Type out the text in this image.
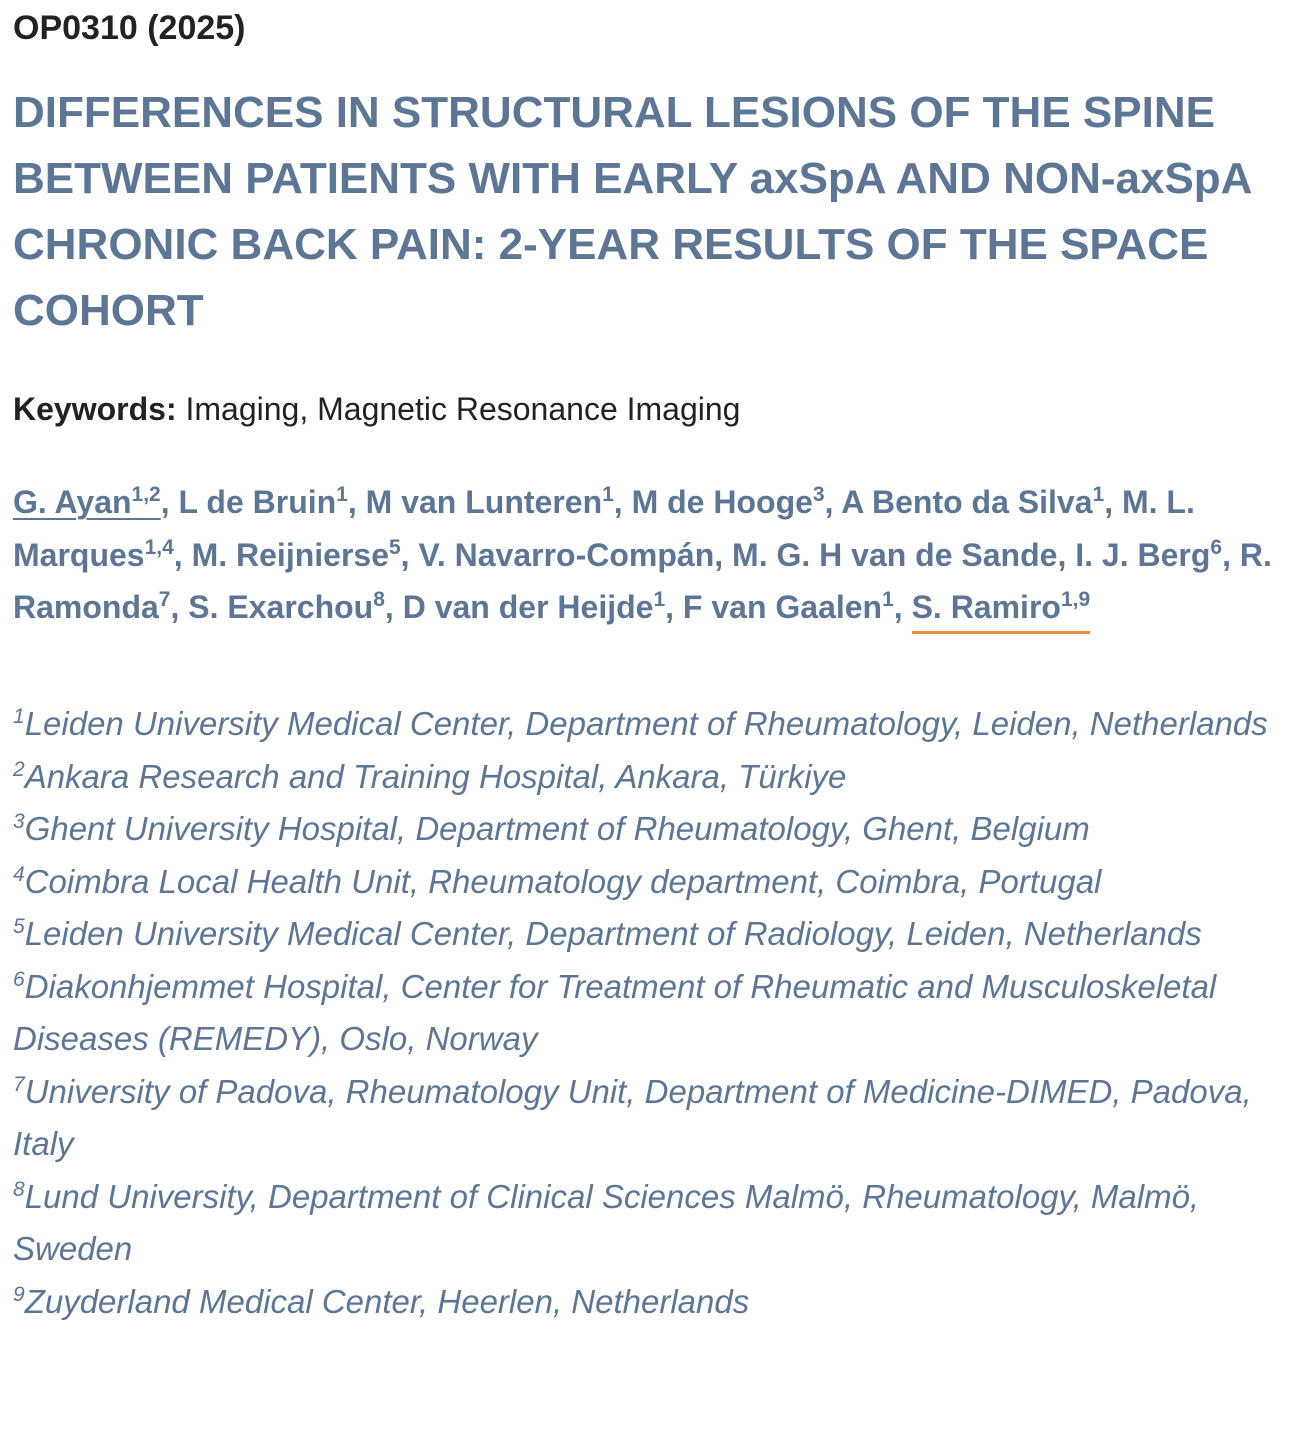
OP0310 (2025)
DIFFERENCES IN STRUCTURAL LESIONS OF THE SPINE BETWEEN PATIENTS WITH EARLY axSpA AND NON-axSpA CHRONIC BACK PAIN: 2-YEAR RESULTS OF THE SPACE COHORT
Keywords: Imaging, Magnetic Resonance Imaging
G. Ayan$^{1,2}$, L de Bruin$^1$, M van Lunteren$^1$, M de Hooge$^3$, A Bento da Silva$^1$, M. L. Marques$^{1,4}$, M. Reijnierse$^5$, V. Navarro-Compán, M. G. H van de Sande, I. J. Berg$^6$, R. Ramonda$^7$, S. Exarchou$^8$, D van der Heijde$^1$, F van Gaalen$^1$, S. Ramiro$^{1,9}$
$^1$Leiden University Medical Center, Department of Rheumatology, Leiden, Netherlands
$^2$Ankara Research and Training Hospital, Ankara, Türkiye
$^3$Ghent University Hospital, Department of Rheumatology, Ghent, Belgium
$^4$Coimbra Local Health Unit, Rheumatology department, Coimbra, Portugal
$^5$Leiden University Medical Center, Department of Radiology, Leiden, Netherlands
$^6$Diakonhjemmet Hospital, Center for Treatment of Rheumatic and Musculoskeletal Diseases (REMEDY), Oslo, Norway
$^7$University of Padova, Rheumatology Unit, Department of Medicine-DIMED, Padova, Italy
$^8$Lund University, Department of Clinical Sciences Malmö, Rheumatology, Malmö, Sweden
$^9$Zuyderland Medical Center, Heerlen, Netherlands
